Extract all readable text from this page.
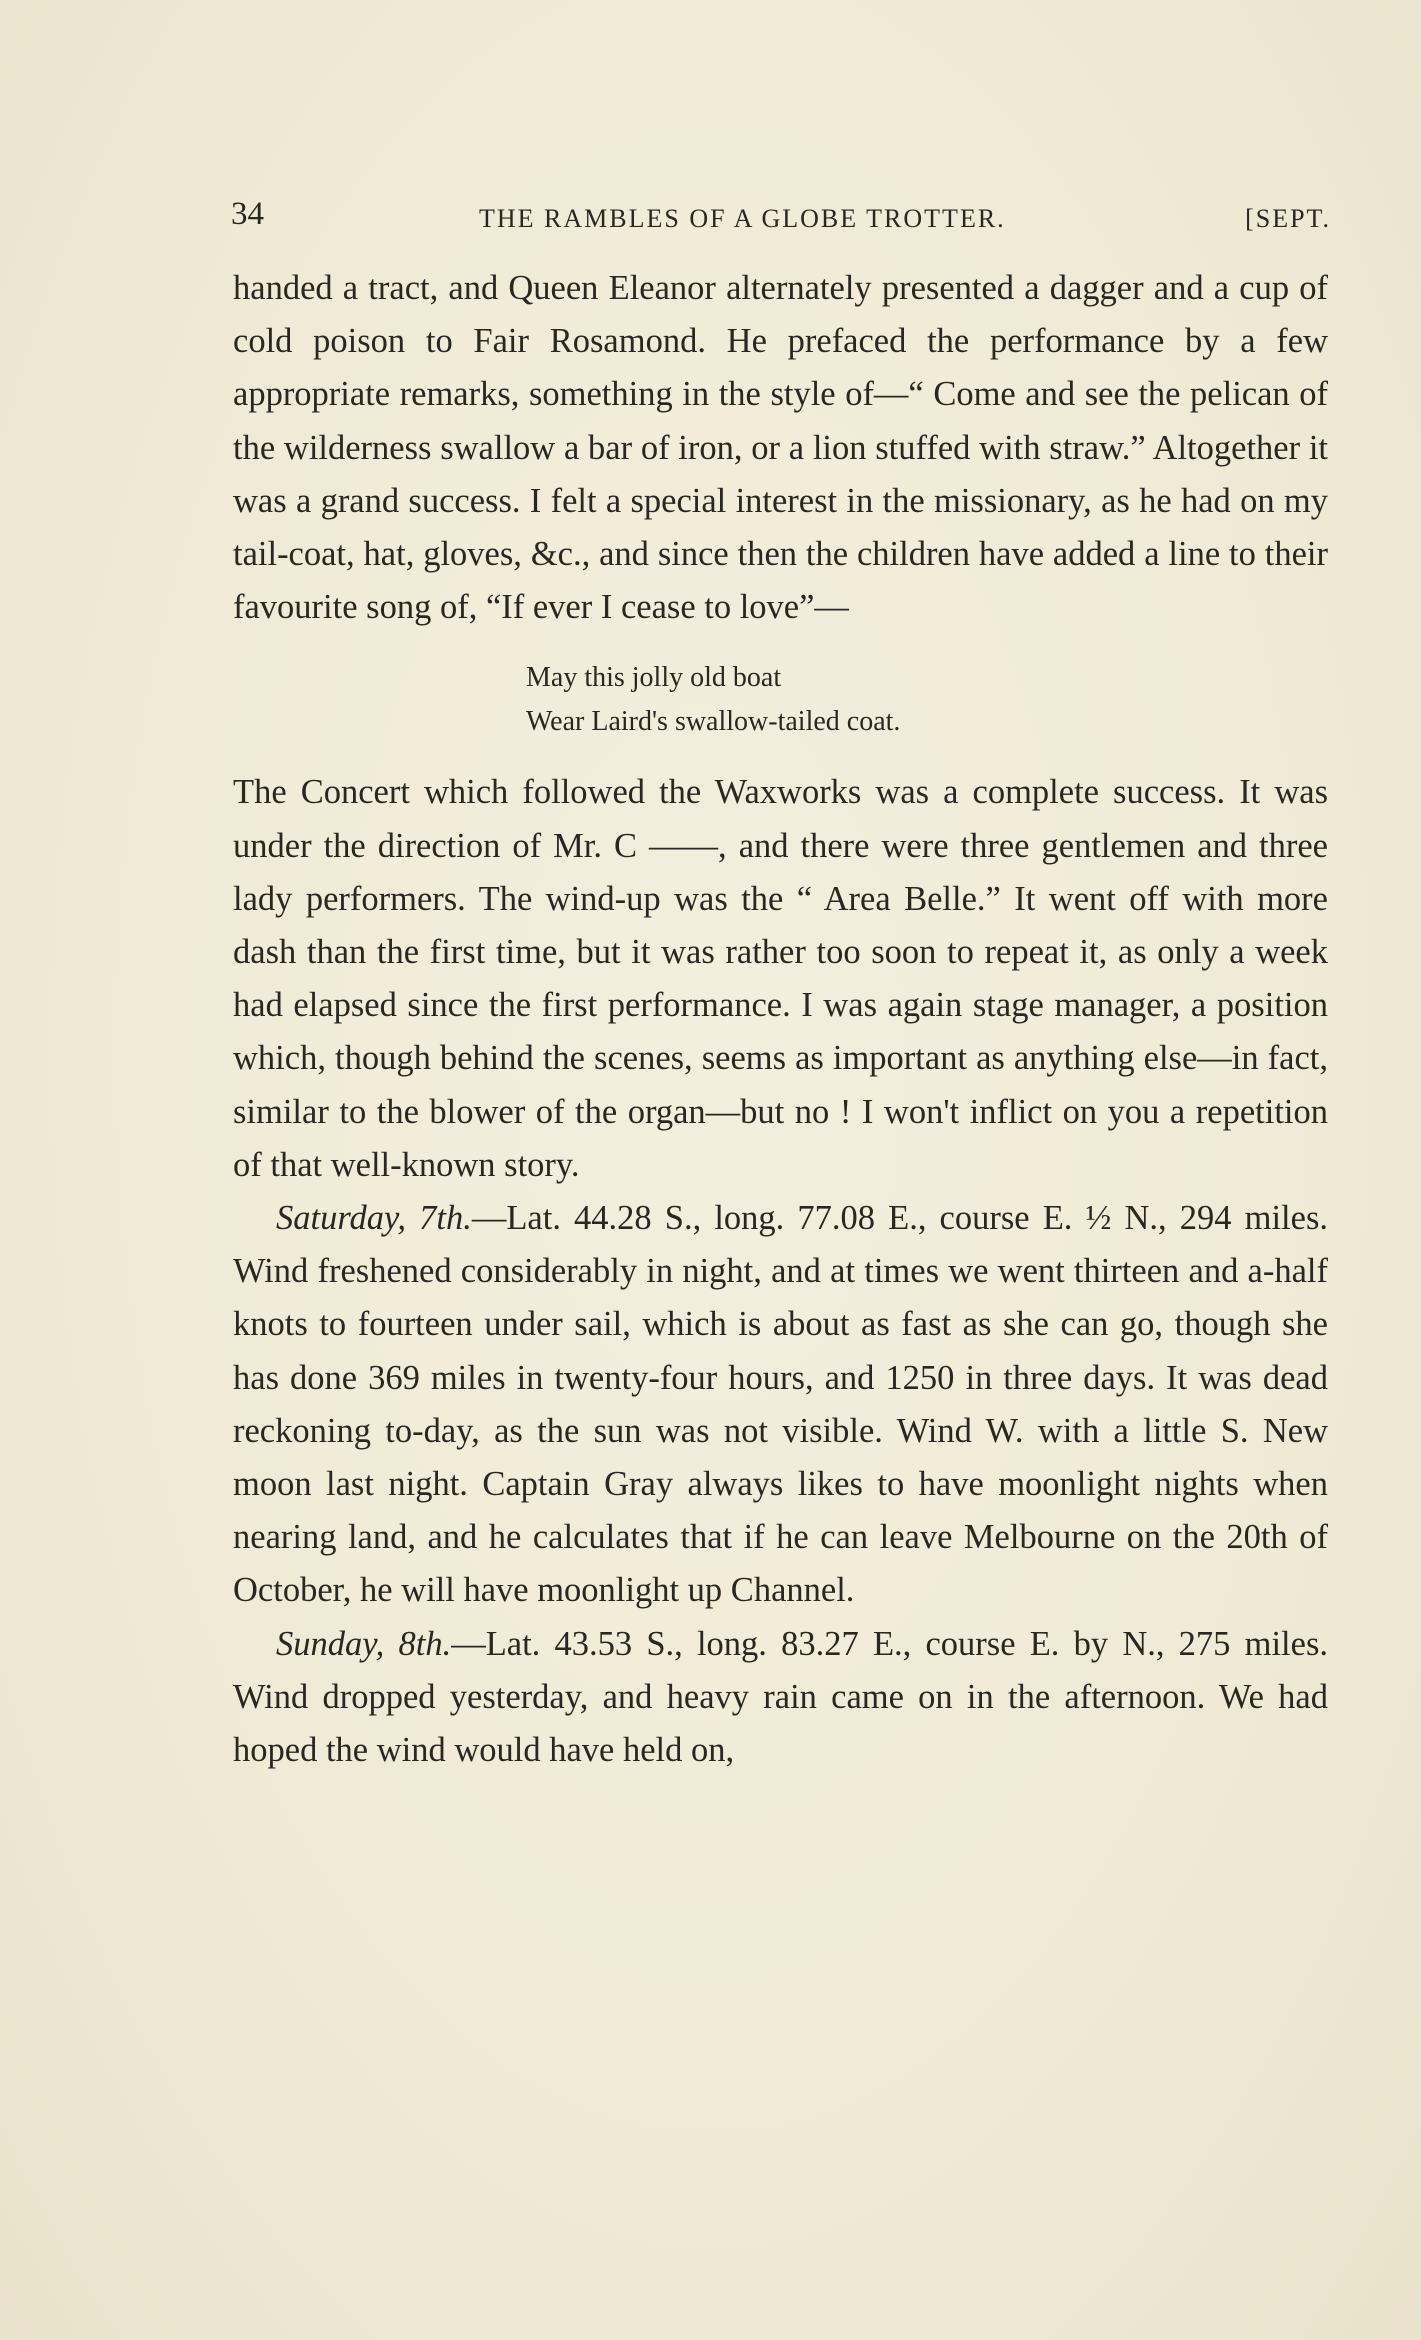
34	THE RAMBLES OF A GLOBE TROTTER.	[SEPT.

handed a tract, and Queen Eleanor alternately presented a dagger and a cup of cold poison to Fair Rosamond. He prefaced the performance by a few appropriate remarks, something in the style of—“ Come and see the pelican of the wilderness swallow a bar of iron, or a lion stuffed with straw.” Altogether it was a grand success. I felt a special interest in the missionary, as he had on my tail-coat, hat, gloves, &c., and since then the children have added a line to their favourite song of, “If ever I cease to love”—

May this jolly old boat
Wear Laird's swallow-tailed coat.

The Concert which followed the Waxworks was a complete success. It was under the direction of Mr. C ——, and there were three gentlemen and three lady performers. The wind-up was the “ Area Belle.” It went off with more dash than the first time, but it was rather too soon to repeat it, as only a week had elapsed since the first performance. I was again stage manager, a position which, though behind the scenes, seems as important as anything else—in fact, similar to the blower of the organ—but no ! I won't inflict on you a repetition of that well-known story.

Saturday, 7th.—Lat. 44.28 S., long. 77.08 E., course E. ½ N., 294 miles. Wind freshened considerably in night, and at times we went thirteen and a-half knots to fourteen under sail, which is about as fast as she can go, though she has done 369 miles in twenty-four hours, and 1250 in three days. It was dead reckoning to-day, as the sun was not visible. Wind W. with a little S. New moon last night. Captain Gray always likes to have moonlight nights when nearing land, and he calculates that if he can leave Melbourne on the 20th of October, he will have moonlight up Channel.

Sunday, 8th.—Lat. 43.53 S., long. 83.27 E., course E. by N., 275 miles. Wind dropped yesterday, and heavy rain came on in the afternoon. We had hoped the wind would have held on,
